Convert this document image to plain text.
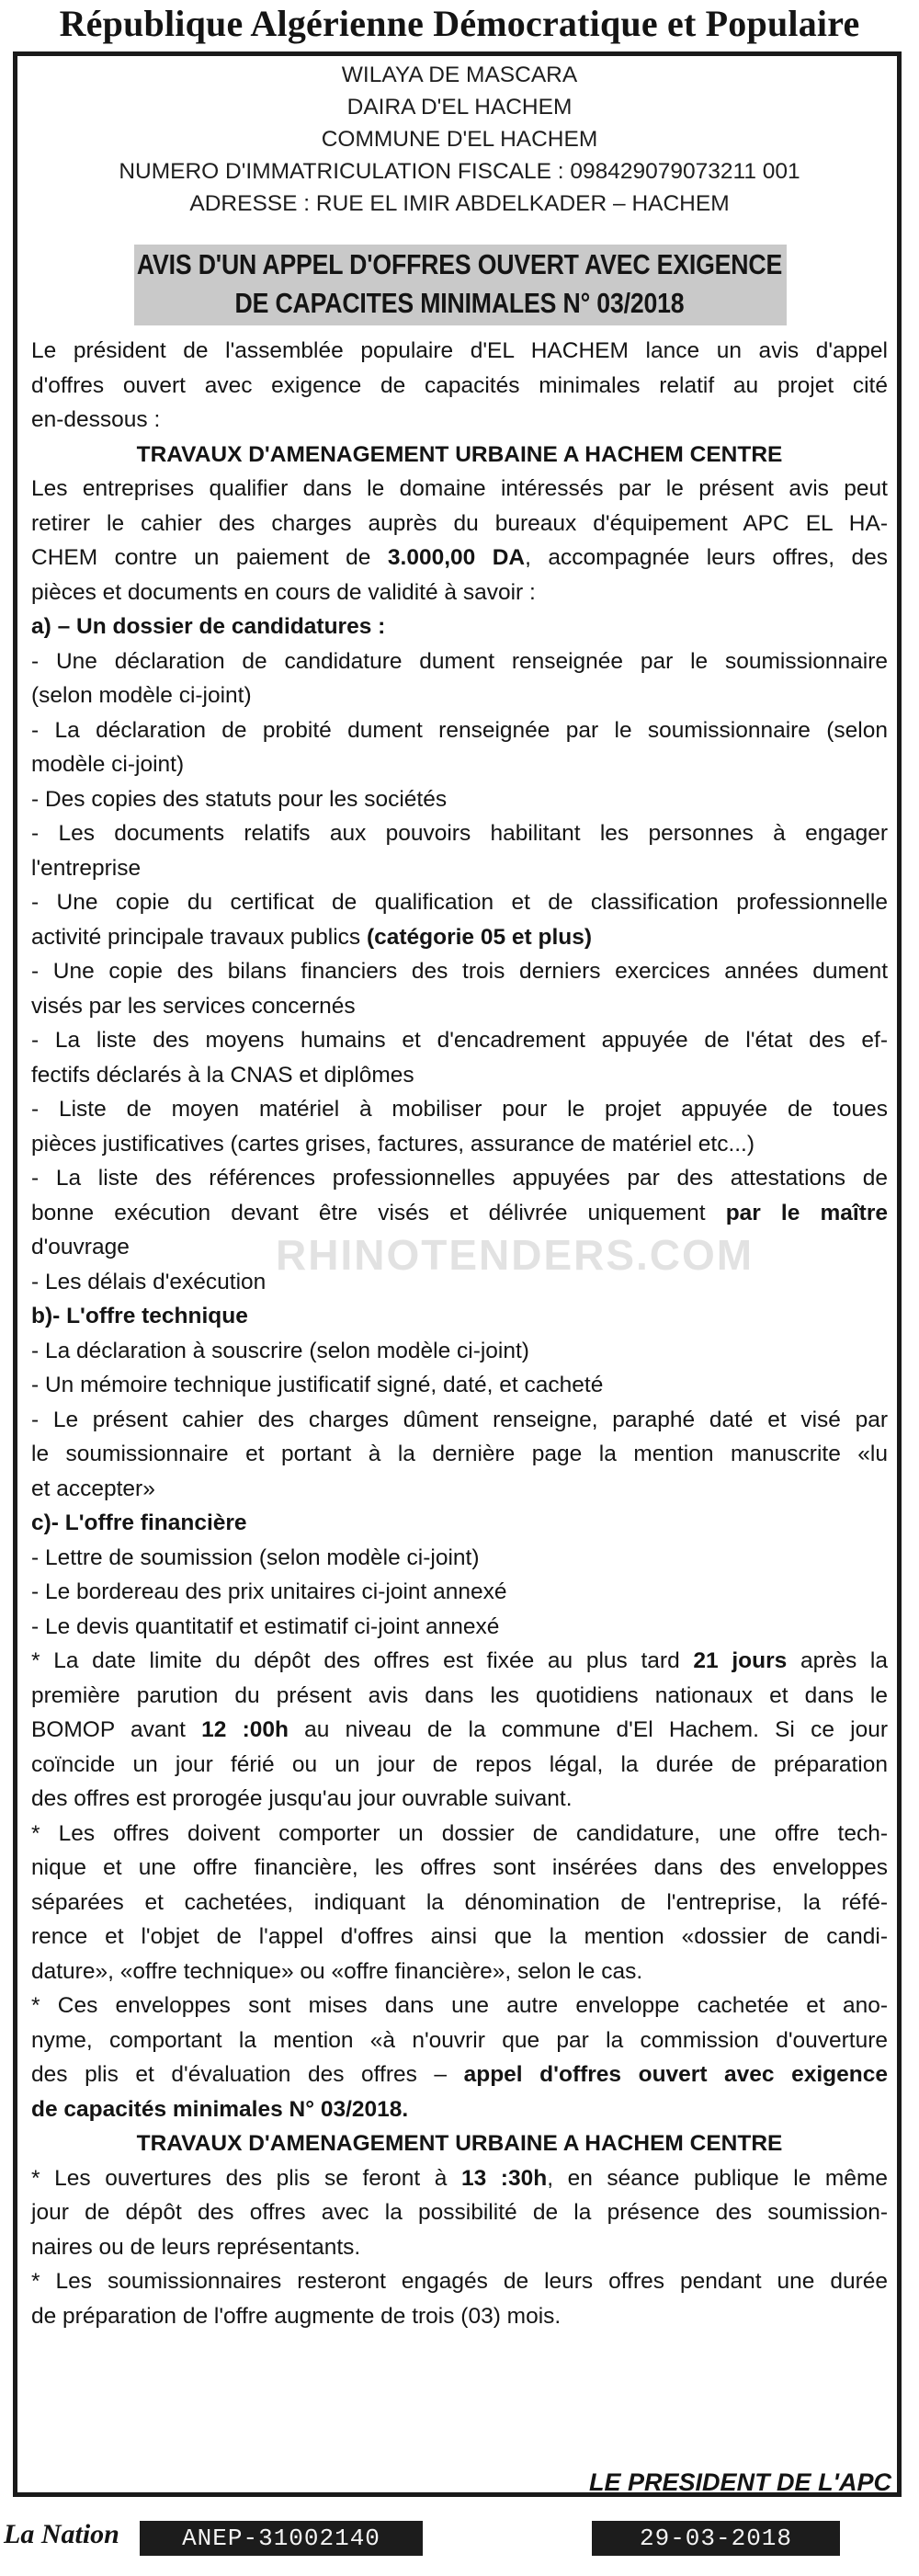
République Algérienne Démocratique et Populaire
WILAYA DE MASCARA
DAIRA D'EL HACHEM
COMMUNE D'EL HACHEM
NUMERO D'IMMATRICULATION FISCALE : 098429079073211 001
ADRESSE : RUE EL IMIR ABDELKADER – HACHEM
AVIS D'UN APPEL D'OFFRES OUVERT AVEC EXIGENCE
DE CAPACITES MINIMALES N° 03/2018
RHINOTENDERS.COM
Le président de l'assemblée populaire d'EL HACHEM lance un avis d'appel
d'offres ouvert avec exigence de capacités minimales relatif au projet cité
en-dessous :
TRAVAUX D'AMENAGEMENT URBAINE A HACHEM CENTRE
Les entreprises qualifier dans le domaine intéressés par le présent avis peut
retirer le cahier des charges auprès du bureaux d'équipement APC EL HA-
CHEM contre un paiement de 3.000,00 DA, accompagnée leurs offres, des
pièces et documents en cours de validité à savoir :
a) – Un dossier de candidatures :
- Une déclaration de candidature dument renseignée par le soumissionnaire
(selon modèle ci-joint)
- La déclaration de probité dument renseignée par le soumissionnaire (selon
modèle ci-joint)
- Des copies des statuts pour les sociétés
- Les documents relatifs aux pouvoirs habilitant les personnes à engager
l'entreprise
- Une copie du certificat de qualification et de classification professionnelle
activité principale travaux publics (catégorie 05 et plus)
- Une copie des bilans financiers des trois derniers exercices années dument
visés par les services concernés
- La liste des moyens humains et d'encadrement appuyée de l'état des ef-
fectifs déclarés à la CNAS et diplômes
- Liste de moyen matériel à mobiliser pour le projet appuyée de toues
pièces justificatives (cartes grises, factures, assurance de matériel etc...)
- La liste des références professionnelles appuyées par des attestations de
bonne exécution devant être visés et délivrée uniquement par le maître
d'ouvrage
- Les délais d'exécution
b)- L'offre technique
- La déclaration à souscrire (selon modèle ci-joint)
- Un mémoire technique justificatif signé, daté, et cacheté
- Le présent cahier des charges dûment renseigne, paraphé daté et visé par
le soumissionnaire et portant à la dernière page la mention manuscrite «lu
et accepter»
c)- L'offre financière
- Lettre de soumission (selon modèle ci-joint)
- Le bordereau des prix unitaires ci-joint annexé
- Le devis quantitatif et estimatif ci-joint annexé
* La date limite du dépôt des offres est fixée au plus tard 21 jours après la
première parution du présent avis dans les quotidiens nationaux et dans le
BOMOP avant 12 :00h au niveau de la commune d'El Hachem. Si ce jour
coïncide un jour férié ou un jour de repos légal, la durée de préparation
des offres est prorogée jusqu'au jour ouvrable suivant.
* Les offres doivent comporter un dossier de candidature, une offre tech-
nique et une offre financière, les offres sont insérées dans des enveloppes
séparées et cachetées, indiquant la dénomination de l'entreprise, la réfé-
rence et l'objet de l'appel d'offres ainsi que la mention «dossier de candi-
dature», «offre technique» ou «offre financière», selon le cas.
* Ces enveloppes sont mises dans une autre enveloppe cachetée et ano-
nyme, comportant la mention «à n'ouvrir que par la commission d'ouverture
des plis et d'évaluation des offres – appel d'offres ouvert avec exigence
de capacités minimales N° 03/2018.
TRAVAUX D'AMENAGEMENT URBAINE A HACHEM CENTRE
* Les ouvertures des plis se feront à 13 :30h, en séance publique le même
jour de dépôt des offres avec la possibilité de la présence des soumission-
naires ou de leurs représentants.
* Les soumissionnaires resteront engagés de leurs offres pendant une durée
de préparation de l'offre augmente de trois (03) mois.
LE PRESIDENT DE L'APC
La Nation	ANEP-31002140	29-03-2018
